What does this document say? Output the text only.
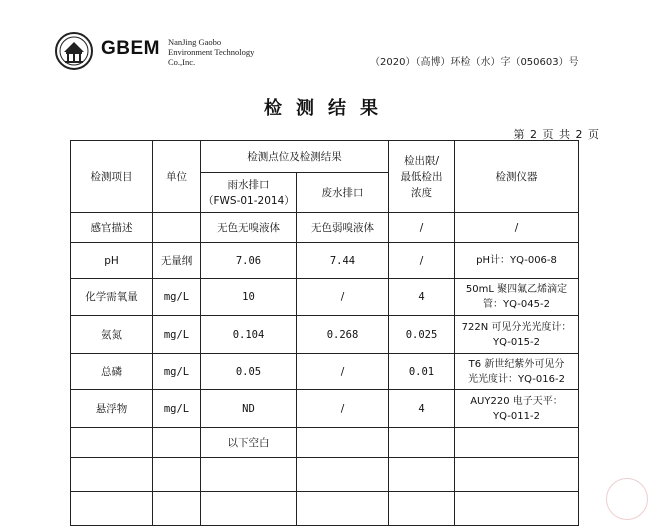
GBEM NanJing Gaobo
Environment Technology
Co.,Inc.	（2020）（高博）环检（水）字（050603）号
检测结果
第 2 页 共 2 页
检测项目	单位	检测点位及检测结果		检出限/
最低检出
浓度	检测仪器

		雨水排口
（FWS-01-2014）	废水排口		
感官描述		无色无嗅液体	无色弱嗅液体	/	/
pH	无量纲	7.06	7.44	/	pH计：YQ-006-8
化学需氧量	mg/L	10	/	4	50mL 聚四氟乙烯滴定
管：YQ-045-2

氨氮	mg/L	0.104	0.268	0.025	722N 可见分光光度计：
YQ-015-2

总磷	mg/L	0.05	/	0.01	T6 新世纪紫外可见分
光光度计：YQ-016-2

悬浮物	mg/L	ND	/	4	AUY220 电子天平：
YQ-011-2

		以下空白			
